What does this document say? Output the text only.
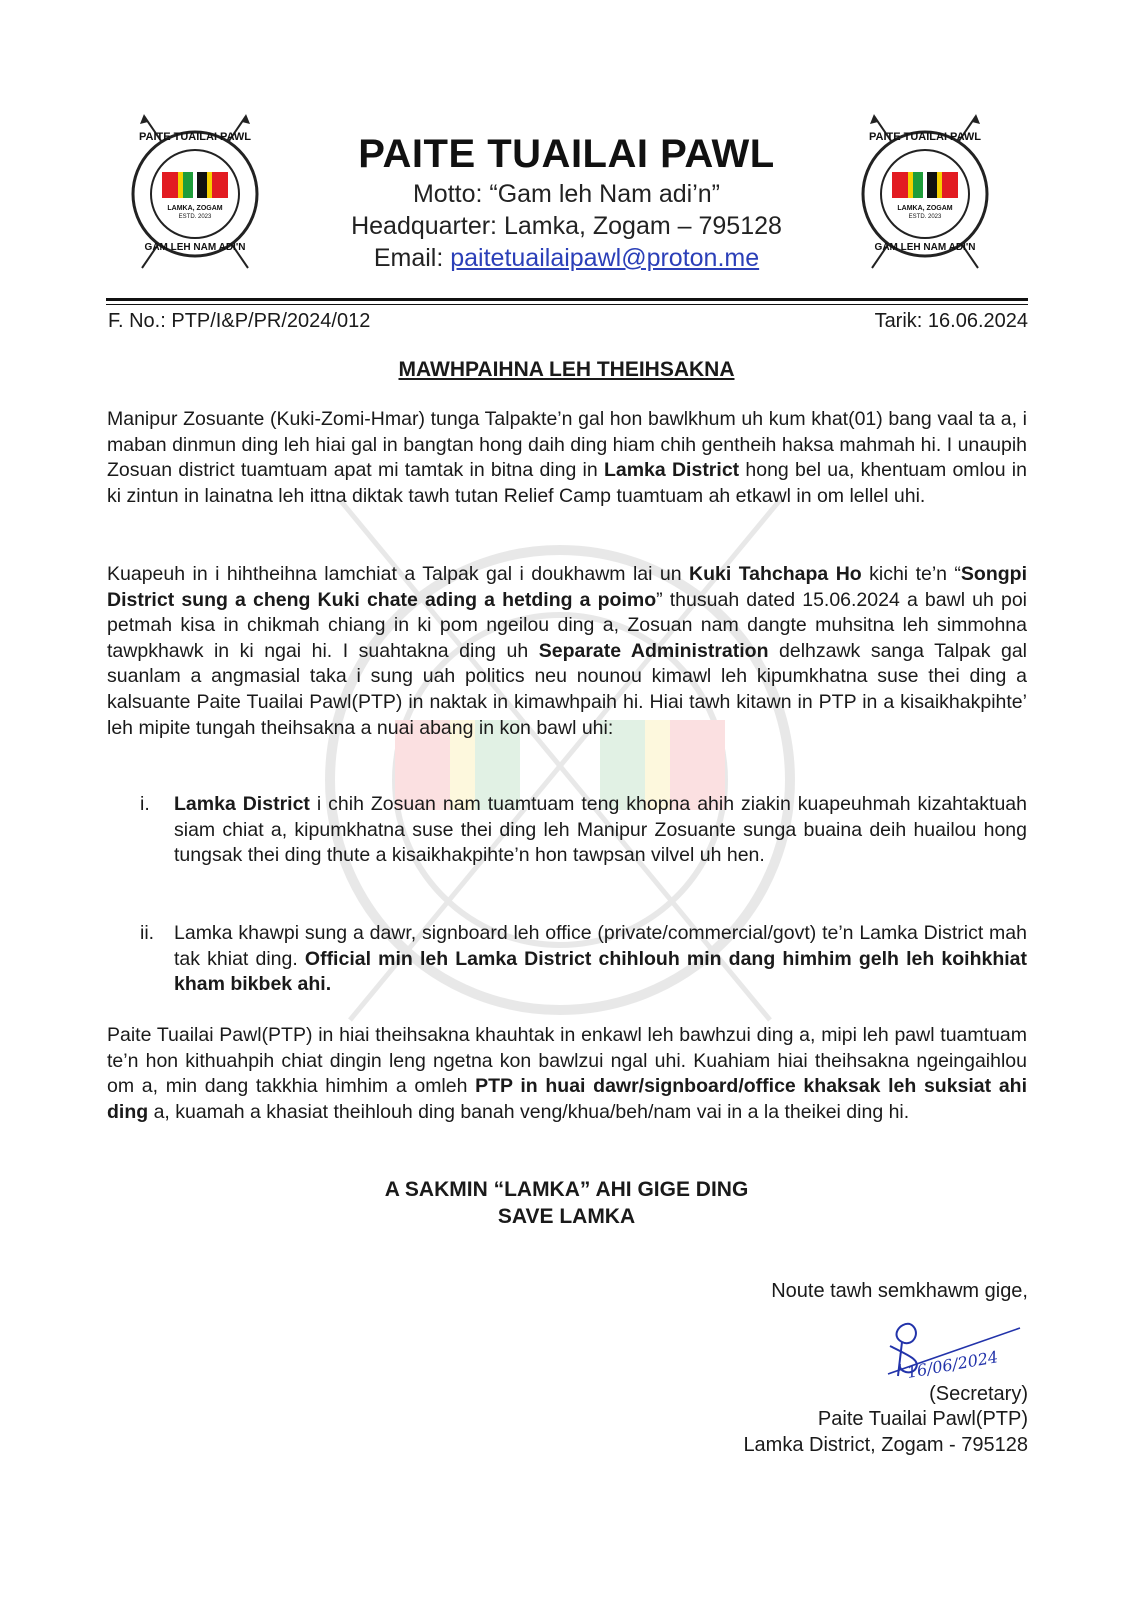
PAITE TUAILAI PAWL
LAMKA, ZOGAM
ESTD. 2023
GAM LEH NAM ADI'N
PAITE TUAILAI PAWL
LAMKA, ZOGAM
ESTD. 2023
GAM LEH NAM ADI'N
PAITE TUAILAI PAWL
Motto: “Gam leh Nam adi’n”
Headquarter: Lamka, Zogam – 795128
Email: paitetuailaipawl@proton.me
F. No.: PTP/I&P/PR/2024/012	Tarik: 16.06.2024
MAWHPAIHNA LEH THEIHSAKNA
Manipur Zosuante (Kuki-Zomi-Hmar) tunga Talpakte’n gal hon bawlkhum uh kum khat(01) bang vaal ta a, i maban dinmun ding leh hiai gal in bangtan hong daih ding hiam chih gentheih haksa mahmah hi. I unaupih Zosuan district tuamtuam apat mi tamtak in bitna ding in Lamka District hong bel ua, khentuam omlou in ki zintun in lainatna leh ittna diktak tawh tutan Relief Camp tuamtuam ah etkawl in om lellel uhi.
Kuapeuh in i hihtheihna lamchiat a Talpak gal i doukhawm lai un Kuki Tahchapa Ho kichi te’n “Songpi District sung a cheng Kuki chate ading a hetding a poimo” thusuah dated 15.06.2024 a bawl uh poi petmah kisa in chikmah chiang in ki pom ngeilou ding a, Zosuan nam dangte muhsitna leh simmohna tawpkhawk in ki ngai hi. I suahtakna ding uh Separate Administration delhzawk sanga Talpak gal suanlam a angmasial taka i sung uah politics neu nounou kimawl leh kipumkhatna suse thei ding a kalsuante Paite Tuailai Pawl(PTP) in naktak in kimawhpaih hi. Hiai tawh kitawn in PTP in a kisaikhakpihte’ leh mipite tungah theihsakna a nuai abang in kon bawl uhi:
i. Lamka District i chih Zosuan nam tuamtuam teng khopna ahih ziakin kuapeuhmah kizahtaktuah siam chiat a, kipumkhatna suse thei ding leh Manipur Zosuante sunga buaina deih huailou hong tungsak thei ding thute a kisaikhakpihte’n hon tawpsan vilvel uh hen.
ii. Lamka khawpi sung a dawr, signboard leh office (private/commercial/govt) te’n Lamka District mah tak khiat ding. Official min leh Lamka District chihlouh min dang himhim gelh leh koihkhiat kham bikbek ahi.
Paite Tuailai Pawl(PTP) in hiai theihsakna khauhtak in enkawl leh bawhzui ding a, mipi leh pawl tuamtuam te’n hon kithuahpih chiat dingin leng ngetna kon bawlzui ngal uhi. Kuahiam hiai theihsakna ngeingaihlou om a, min dang takkhia himhim a omleh PTP in huai dawr/signboard/office khaksak leh suksiat ahi ding a, kuamah a khasiat theihlouh ding banah veng/khua/beh/nam vai in a la theikei ding hi.
A SAKMIN “LAMKA” AHI GIGE DING
SAVE LAMKA
Noute tawh semkhawm gige,
16/06/2024
(Secretary)
Paite Tuailai Pawl(PTP)
Lamka District, Zogam - 795128
